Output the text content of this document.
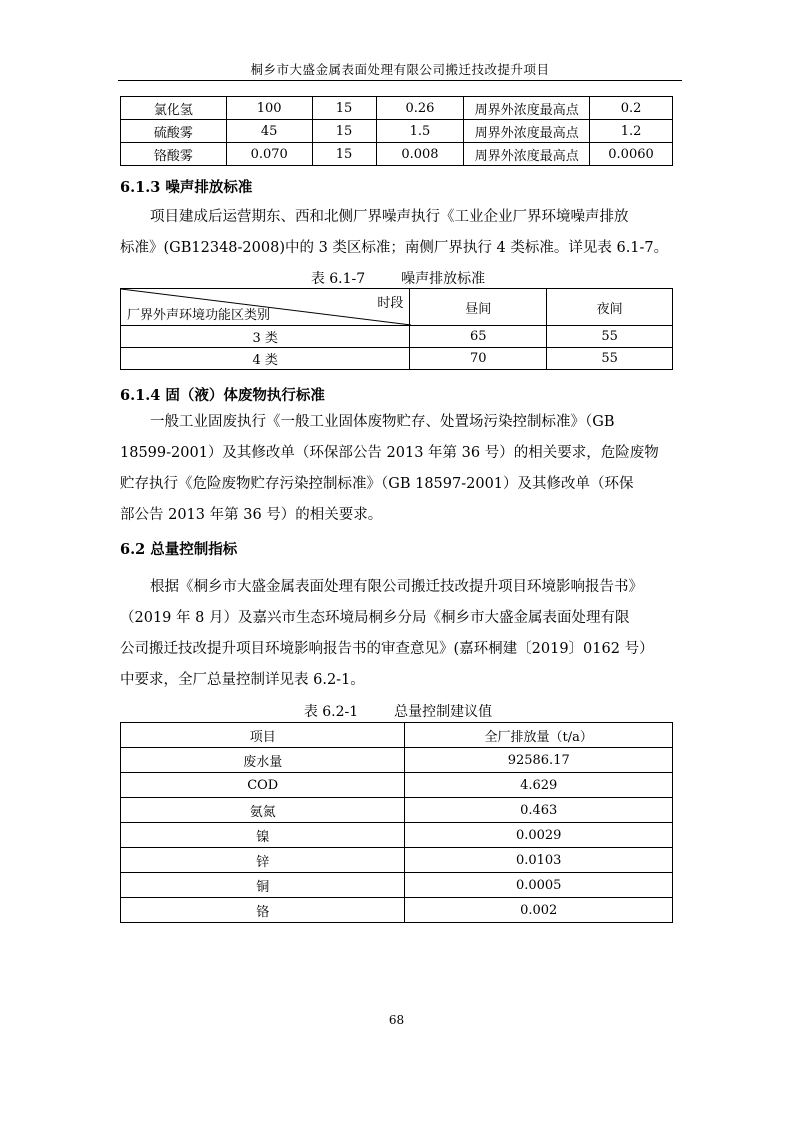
桐乡市大盛金属表面处理有限公司搬迁技改提升项目
氯化氢	100	15	0.26	周界外浓度最高点	0.2
硫酸雾	45	15	1.5	周界外浓度最高点	1.2
铬酸雾	0.070	15	0.008	周界外浓度最高点	0.0060
6.1.3 噪声排放标准
项目建成后运营期东、西和北侧厂界噪声执行《工业企业厂界环境噪声排放
标准》(GB12348-2008)中的 3 类区标准；南侧厂界执行 4 类标准。详见表 6.1-7。
表 6.1-7	噪声排放标准
时段
厂界外声环境功能区类别	昼间	夜间
3 类	65	55
4 类	70	55
6.1.4 固（液）体废物执行标准
一般工业固废执行《一般工业固体废物贮存、处置场污染控制标准》（GB
18599-2001）及其修改单（环保部公告 2013 年第 36 号）的相关要求，危险废物
贮存执行《危险废物贮存污染控制标准》（GB 18597-2001）及其修改单（环保
部公告 2013 年第 36 号）的相关要求。
6.2 总量控制指标
根据《桐乡市大盛金属表面处理有限公司搬迁技改提升项目环境影响报告书》
（2019 年 8 月）及嘉兴市生态环境局桐乡分局《桐乡市大盛金属表面处理有限
公司搬迁技改提升项目环境影响报告书的审查意见》(嘉环桐建〔2019〕0162 号）
中要求，全厂总量控制详见表 6.2-1。
表 6.2-1	总量控制建议值
项目	全厂排放量（t/a）
废水量	92586.17
COD	4.629
氨氮	0.463
镍	0.0029
锌	0.0103
铜	0.0005
铬	0.002
68
